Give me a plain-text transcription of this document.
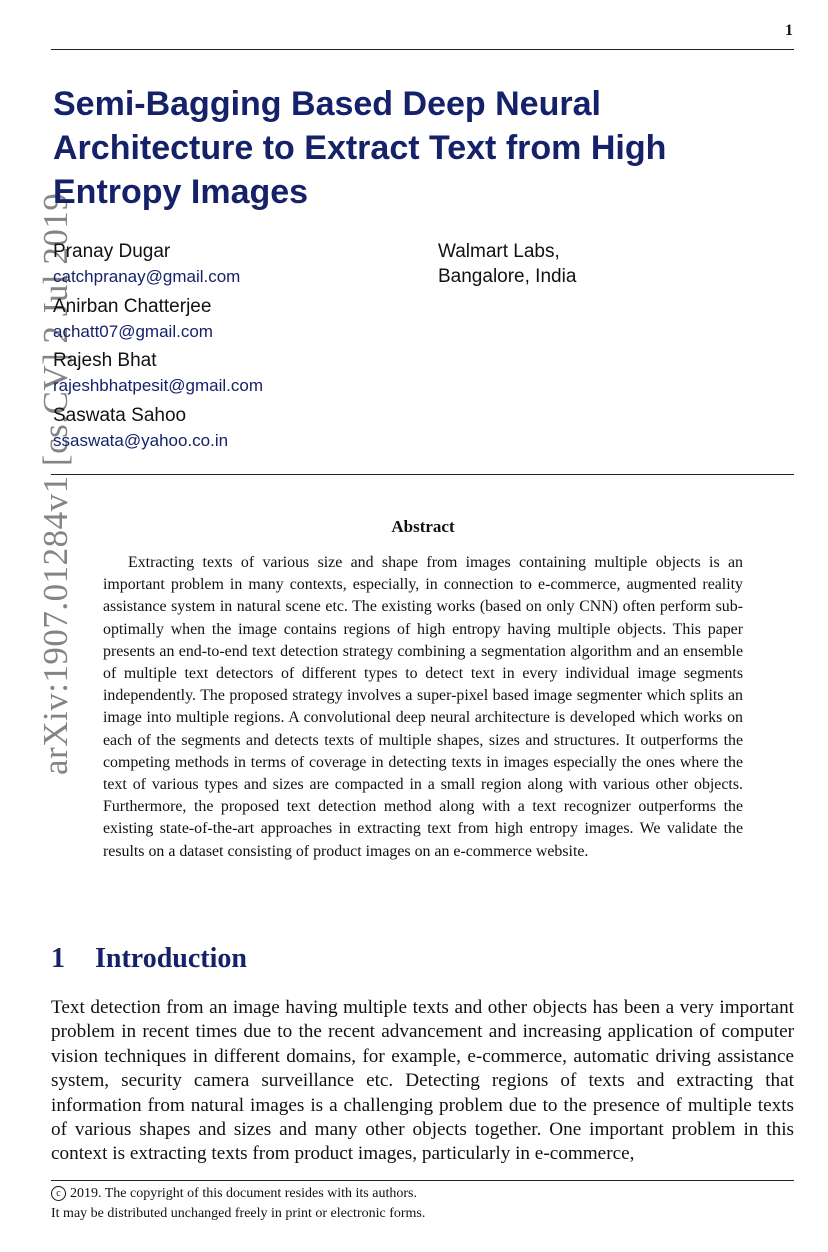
1
arXiv:1907.01284v1 [cs.CV] 2 Jul 2019
Semi-Bagging Based Deep Neural Architecture to Extract Text from High Entropy Images
Pranay Dugar
catchpranay@gmail.com
Anirban Chatterjee
achatt07@gmail.com
Rajesh Bhat
rajeshbhatpesit@gmail.com
Saswata Sahoo
ssaswata@yahoo.co.in
Walmart Labs,
Bangalore, India
Abstract

Extracting texts of various size and shape from images containing multiple objects is an important problem in many contexts, especially, in connection to e-commerce, augmented reality assistance system in natural scene etc. The existing works (based on only CNN) often perform sub-optimally when the image contains regions of high entropy having multiple objects. This paper presents an end-to-end text detection strategy combining a segmentation algorithm and an ensemble of multiple text detectors of different types to detect text in every individual image segments independently. The proposed strategy involves a super-pixel based image segmenter which splits an image into multiple regions. A convolutional deep neural architecture is developed which works on each of the segments and detects texts of multiple shapes, sizes and structures. It outperforms the competing methods in terms of coverage in detecting texts in images especially the ones where the text of various types and sizes are compacted in a small region along with various other objects. Furthermore, the proposed text detection method along with a text recognizer outperforms the existing state-of-the-art approaches in extracting text from high entropy images. We validate the results on a dataset consisting of product images on an e-commerce website.

1 Introduction

Text detection from an image having multiple texts and other objects has been a very important problem in recent times due to the recent advancement and increasing application of computer vision techniques in different domains, for example, e-commerce, automatic driving assistance system, security camera surveillance etc. Detecting regions of texts and extracting that information from natural images is a challenging problem due to the presence of multiple texts of various shapes and sizes and many other objects together. One important problem in this context is extracting texts from product images, particularly in e-commerce,

c 2019. The copyright of this document resides with its authors.
It may be distributed unchanged freely in print or electronic forms.
